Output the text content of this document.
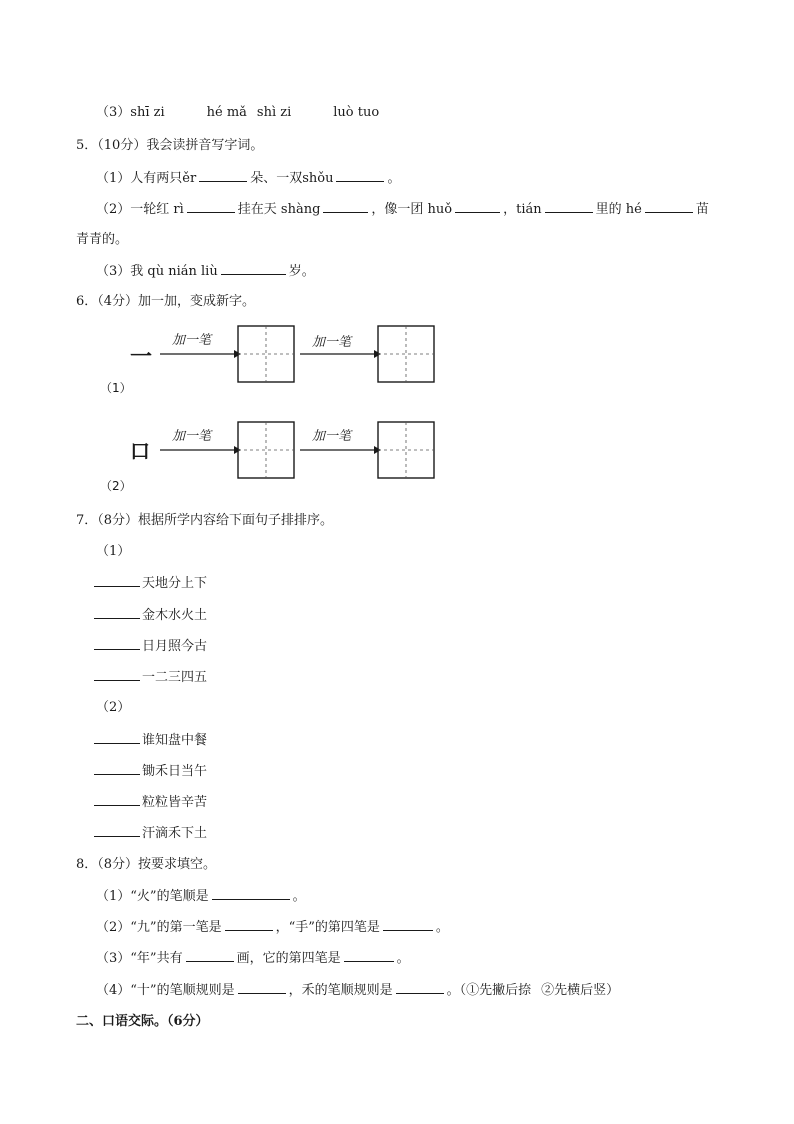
（3）shī zi	hé mǎ shì zi	luò tuo
5．（10分）我会读拼音写字词。
（1）人有两只ěr	朵、一双shǒu	。
（2）一轮红 rì	挂在天 shàng	，像一团 huǒ	，tián	里的 hé	苗
青青的。
（3）我 qù nián liù	岁。
6．（4分）加一加，变成新字。
一
（1）
加一笔	加一笔
口
（2）
加一笔	加一笔
7．（8分）根据所学内容给下面句子排排序。
（1）
天地分上下
金木水火土
日月照今古
一二三四五
（2）
谁知盘中餐
锄禾日当午
粒粒皆辛苦
汗滴禾下土
8．（8分）按要求填空。
（1）“火”的笔顺是	。
（2）“九”的第一笔是	，“手”的第四笔是	。
（3）“年”共有	画，它的第四笔是	。
（4）“十”的笔顺规则是	，禾的笔顺规则是	。（①先撇后捺 ②先横后竖）
二、口语交际。（6分）
